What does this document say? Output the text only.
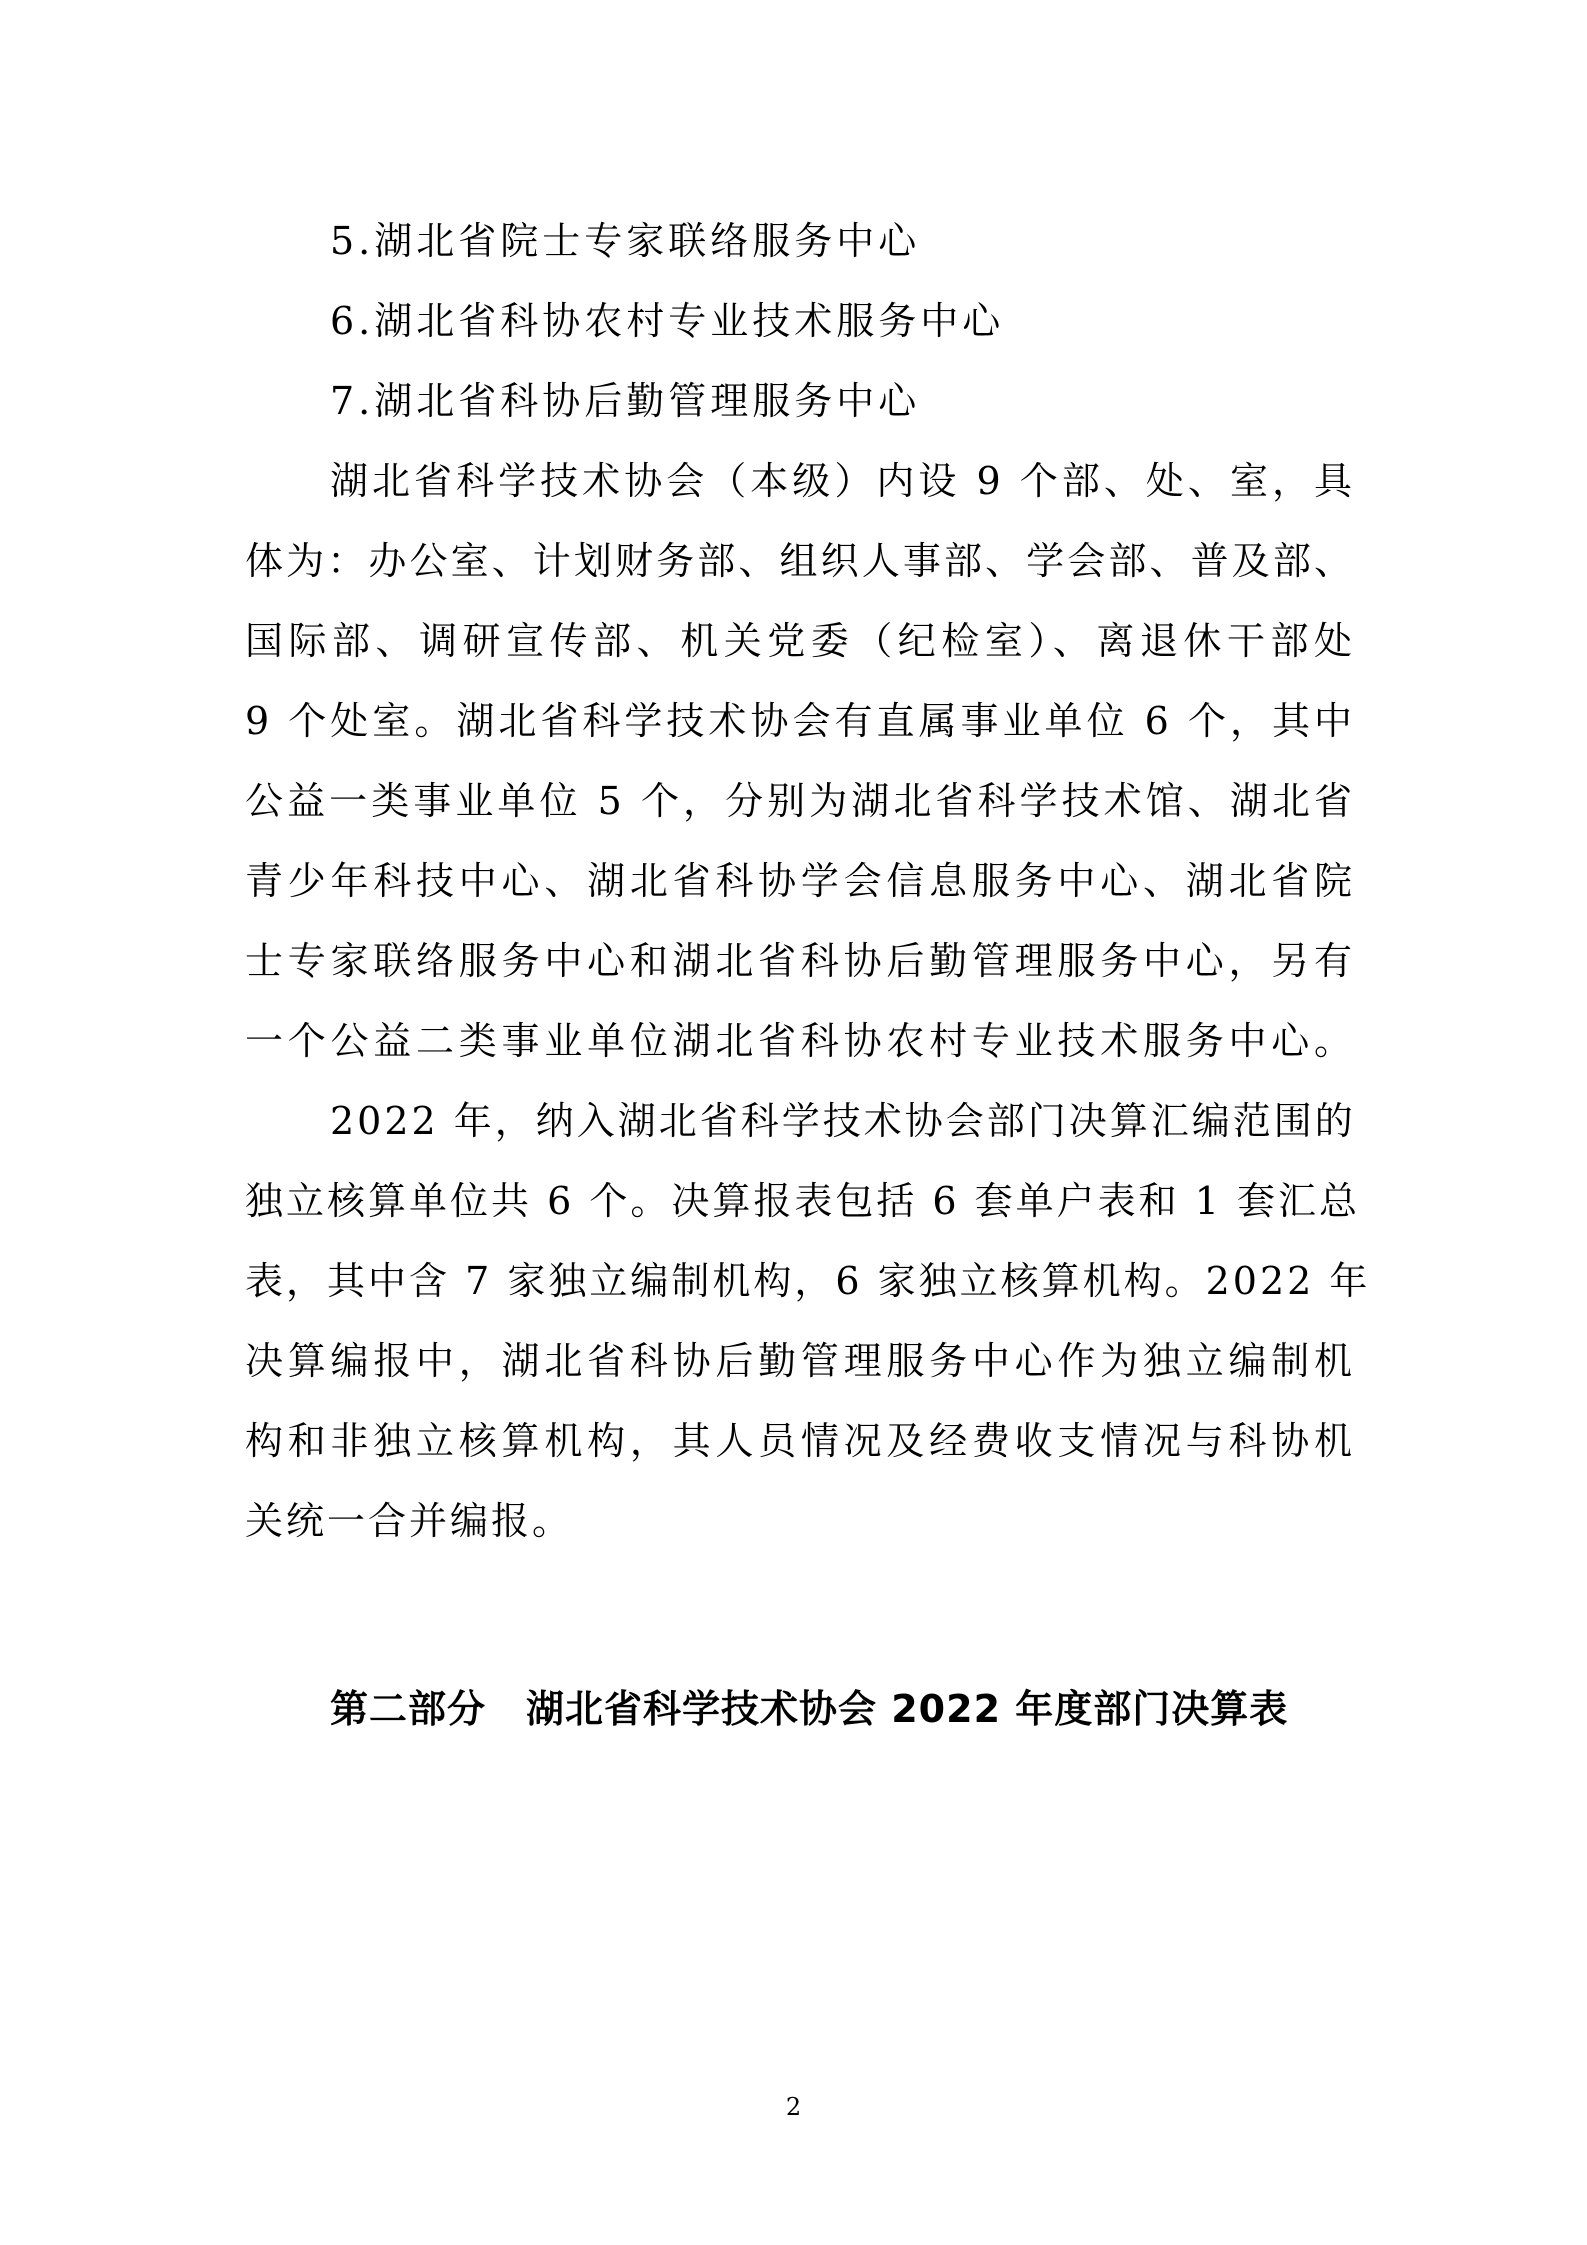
5.湖北省院士专家联络服务中心
6.湖北省科协农村专业技术服务中心
7.湖北省科协后勤管理服务中心
湖北省科学技术协会（本级）内设 9 个部、处、室，具
体为：办公室、计划财务部、组织人事部、学会部、普及部、
国际部、调研宣传部、机关党委（纪检室）、离退休干部处
9 个处室。湖北省科学技术协会有直属事业单位 6 个，其中
公益一类事业单位 5 个，分别为湖北省科学技术馆、湖北省
青少年科技中心、湖北省科协学会信息服务中心、湖北省院
士专家联络服务中心和湖北省科协后勤管理服务中心，另有
一个公益二类事业单位湖北省科协农村专业技术服务中心。
2022 年，纳入湖北省科学技术协会部门决算汇编范围的
独立核算单位共 6 个。决算报表包括 6 套单户表和 1 套汇总
表，其中含 7 家独立编制机构，6 家独立核算机构。2022 年
决算编报中，湖北省科协后勤管理服务中心作为独立编制机
构和非独立核算机构，其人员情况及经费收支情况与科协机
关统一合并编报。
第二部分 湖北省科学技术协会 2022 年度部门决算表
2
